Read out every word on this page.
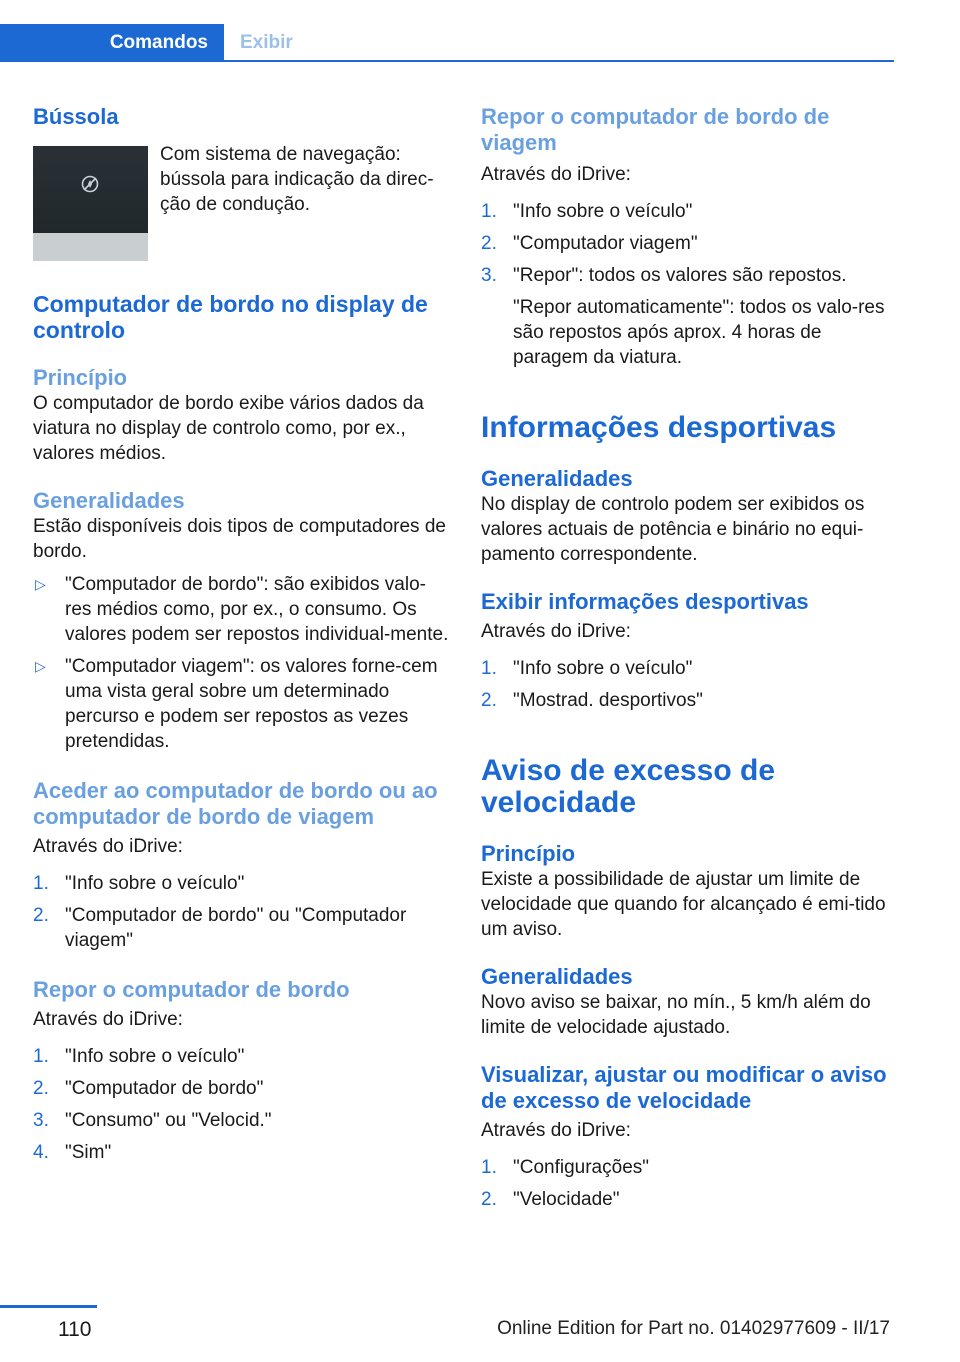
Comandos	Exibir
Bússola

Com sistema de navegação: bússola para indicação da direc‐ção de condução.

Computador de bordo no display de controlo
Princípio

O computador de bordo exibe vários dados da viatura no display de controlo como, por ex., valores médios.

Generalidades

Estão disponíveis dois tipos de computadores de bordo.

▷ "Computador de bordo": são exibidos valo‐res médios como, por ex., o consumo. Os valores podem ser repostos individual‐mente.
▷ "Computador viagem": os valores forne‐cem uma vista geral sobre um determinado percurso e podem ser repostos as vezes pretendidas.
Aceder ao computador de bordo ou ao computador de bordo de viagem

Através do iDrive:

1. "Info sobre o veículo"
2. "Computador de bordo" ou "Computador viagem"
Repor o computador de bordo

Através do iDrive:

1. "Info sobre o veículo"
2. "Computador de bordo"
3. "Consumo" ou "Velocid."
4. "Sim"
Repor o computador de bordo de viagem

Através do iDrive:

1. "Info sobre o veículo"
2. "Computador viagem"
3. "Repor": todos os valores são repostos.

"Repor automaticamente": todos os valo‐res são repostos após aprox. 4 horas de paragem da viatura.

Informações desportivas
Generalidades

No display de controlo podem ser exibidos os valores actuais de potência e binário no equi‐pamento correspondente.

Exibir informações desportivas

Através do iDrive:

1. "Info sobre o veículo"
2. "Mostrad. desportivos"
Aviso de excesso de velocidade
Princípio

Existe a possibilidade de ajustar um limite de velocidade que quando for alcançado é emi‐tido um aviso.

Generalidades

Novo aviso se baixar, no mín., 5 km/h além do limite de velocidade ajustado.

Visualizar, ajustar ou modificar o aviso de excesso de velocidade

Através do iDrive:

1. "Configurações"
2. "Velocidade"
110	Online Edition for Part no. 01402977609 - II/17
